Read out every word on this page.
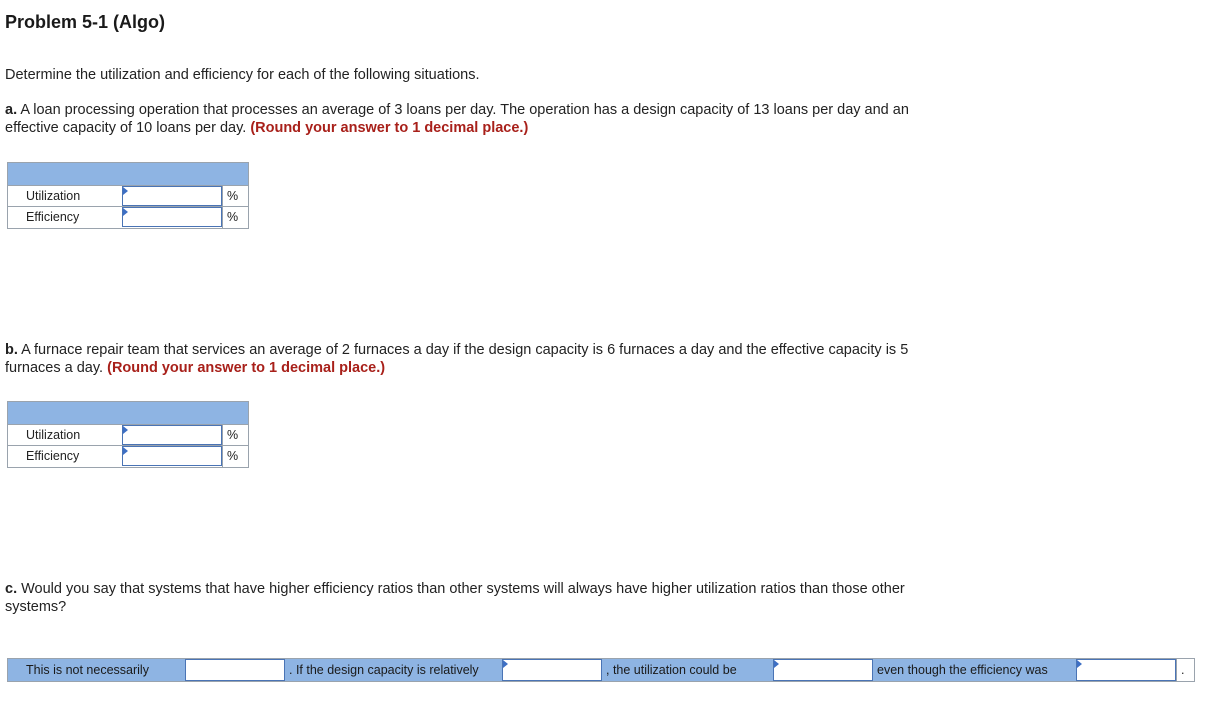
Problem 5-1 (Algo)
Determine the utilization and efficiency for each of the following situations.
a. A loan processing operation that processes an average of 3 loans per day. The operation has a design capacity of 13 loans per day and an effective capacity of 10 loans per day. (Round your answer to 1 decimal place.)
Utilization	%
Efficiency	%
b. A furnace repair team that services an average of 2 furnaces a day if the design capacity is 6 furnaces a day and the effective capacity is 5 furnaces a day. (Round your answer to 1 decimal place.)
Utilization	%
Efficiency	%
c. Would you say that systems that have higher efficiency ratios than other systems will always have higher utilization ratios than those other systems?
This is not necessarily	. If the design capacity is relatively	, the utilization could be	even though the efficiency was	.
